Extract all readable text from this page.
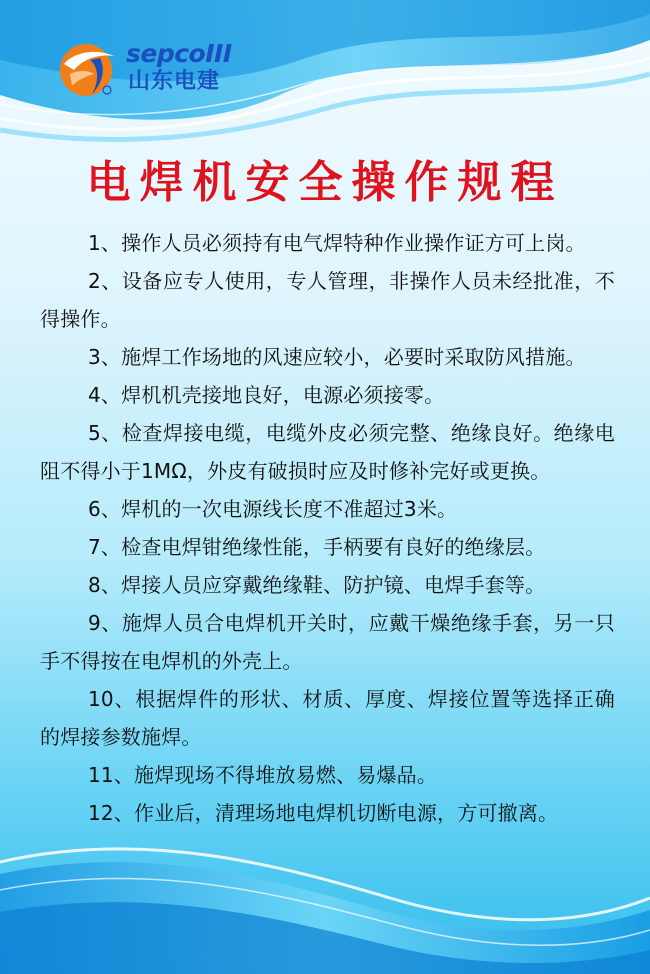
sepcoIII
山东电建
电焊机安全操作规程

1、操作人员必须持有电气焊特种作业操作证方可上岗。

2、设备应专人使用，专人管理，非操作人员未经批准，不得操作。

3、施焊工作场地的风速应较小，必要时采取防风措施。

4、焊机机壳接地良好，电源必须接零。

5、检查焊接电缆，电缆外皮必须完整、绝缘良好。绝缘电阻不得小于1MΩ，外皮有破损时应及时修补完好或更换。

6、焊机的一次电源线长度不准超过3米。

7、检查电焊钳绝缘性能，手柄要有良好的绝缘层。

8、焊接人员应穿戴绝缘鞋、防护镜、电焊手套等。

9、施焊人员合电焊机开关时，应戴干燥绝缘手套，另一只手不得按在电焊机的外壳上。

10、根据焊件的形状、材质、厚度、焊接位置等选择正确的焊接参数施焊。

11、施焊现场不得堆放易燃、易爆品。

12、作业后，清理场地电焊机切断电源，方可撤离。
